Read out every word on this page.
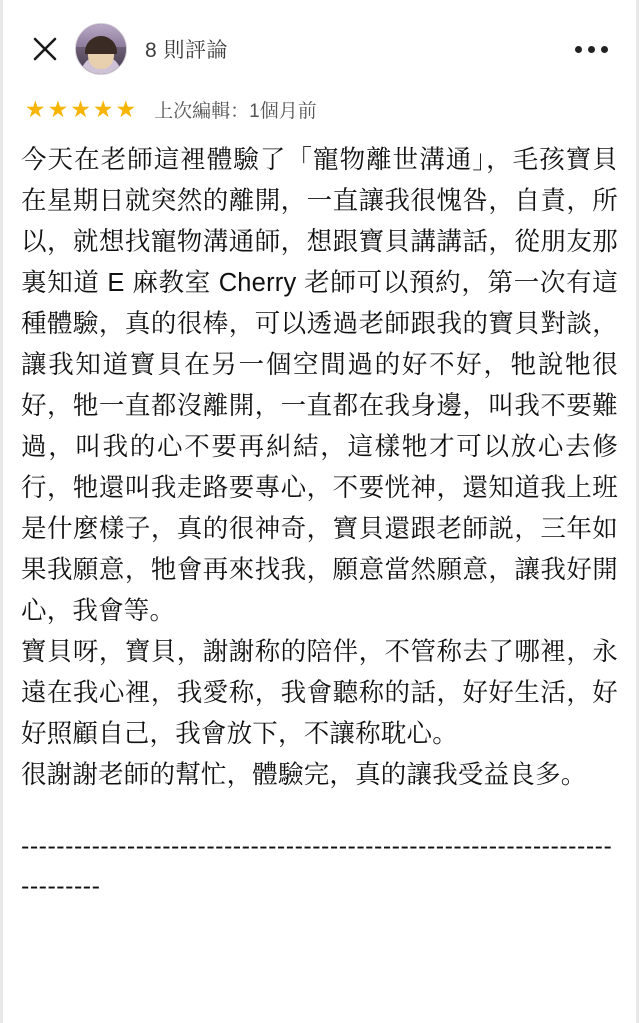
8 則評論
★ ★ ★ ★ ★ 上次編輯：1個月前

今天在老師這裡體驗了「寵物離世溝通」，毛孩寶貝在星期日就突然的離開，一直讓我很愧咎，自責，所以，就想找寵物溝通師，想跟寶貝講講話，從朋友那裏知道 E 麻教室 Cherry 老師可以預約，第一次有這種體驗，真的很棒，可以透過老師跟我的寶貝對談，讓我知道寶貝在另一個空間過的好不好，牠說牠很好，牠一直都沒離開，一直都在我身邊，叫我不要難過，叫我的心不要再糾結，這樣牠才可以放心去修行，牠還叫我走路要專心，不要恍神，還知道我上班是什麼樣子，真的很神奇，寶貝還跟老師説，三年如果我願意，牠會再來找我，願意當然願意，讓我好開心，我會等。

寶貝呀，寶貝，謝謝称的陪伴，不管称去了哪裡，永遠在我心裡，我愛称，我會聽称的話，好好生活，好好照顧自己，我會放下，不讓称耽心。

很謝謝老師的幫忙，體驗完，真的讓我受益良多。

----------------------------------------------------------------------------
